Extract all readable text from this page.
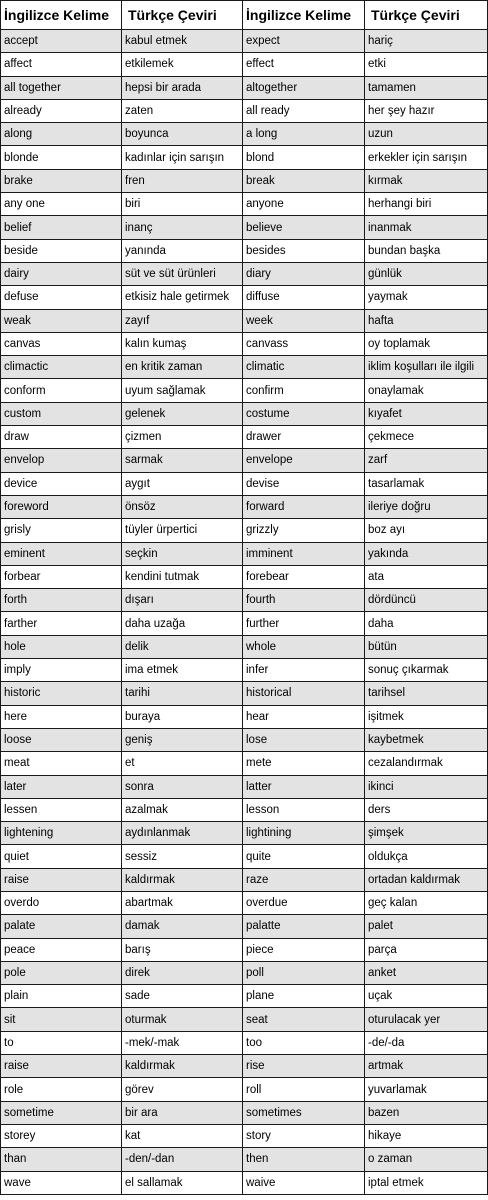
İngilizce Kelime	Türkçe Çeviri	İngilizce Kelime	Türkçe Çeviri
accept	kabul etmek	expect	hariç
affect	etkilemek	effect	etki
all together	hepsi bir arada	altogether	tamamen
already	zaten	all ready	her şey hazır
along	boyunca	a long	uzun
blonde	kadınlar için sarışın	blond	erkekler için sarışın
brake	fren	break	kırmak
any one	biri	anyone	herhangi biri
belief	inanç	believe	inanmak
beside	yanında	besides	bundan başka
dairy	süt ve süt ürünleri	diary	günlük
defuse	etkisiz hale getirmek	diffuse	yaymak
weak	zayıf	week	hafta
canvas	kalın kumaş	canvass	oy toplamak
climactic	en kritik zaman	climatic	iklim koşulları ile ilgili
conform	uyum sağlamak	confirm	onaylamak
custom	gelenek	costume	kıyafet
draw	çizmen	drawer	çekmece
envelop	sarmak	envelope	zarf
device	aygıt	devise	tasarlamak
foreword	önsöz	forward	ileriye doğru
grisly	tüyler ürpertici	grizzly	boz ayı
eminent	seçkin	imminent	yakında
forbear	kendini tutmak	forebear	ata
forth	dışarı	fourth	dördüncü
farther	daha uzağa	further	daha
hole	delik	whole	bütün
imply	ima etmek	infer	sonuç çıkarmak
historic	tarihi	historical	tarihsel
here	buraya	hear	işitmek
loose	geniş	lose	kaybetmek
meat	et	mete	cezalandırmak
later	sonra	latter	ikinci
lessen	azalmak	lesson	ders
lightening	aydınlanmak	lightining	şimşek
quiet	sessiz	quite	oldukça
raise	kaldırmak	raze	ortadan kaldırmak
overdo	abartmak	overdue	geç kalan
palate	damak	palatte	palet
peace	barış	piece	parça
pole	direk	poll	anket
plain	sade	plane	uçak
sit	oturmak	seat	oturulacak yer
to	-mek/-mak	too	-de/-da
raise	kaldırmak	rise	artmak
role	görev	roll	yuvarlamak
sometime	bir ara	sometimes	bazen
storey	kat	story	hikaye
than	-den/-dan	then	o zaman
wave	el sallamak	waive	iptal etmek
